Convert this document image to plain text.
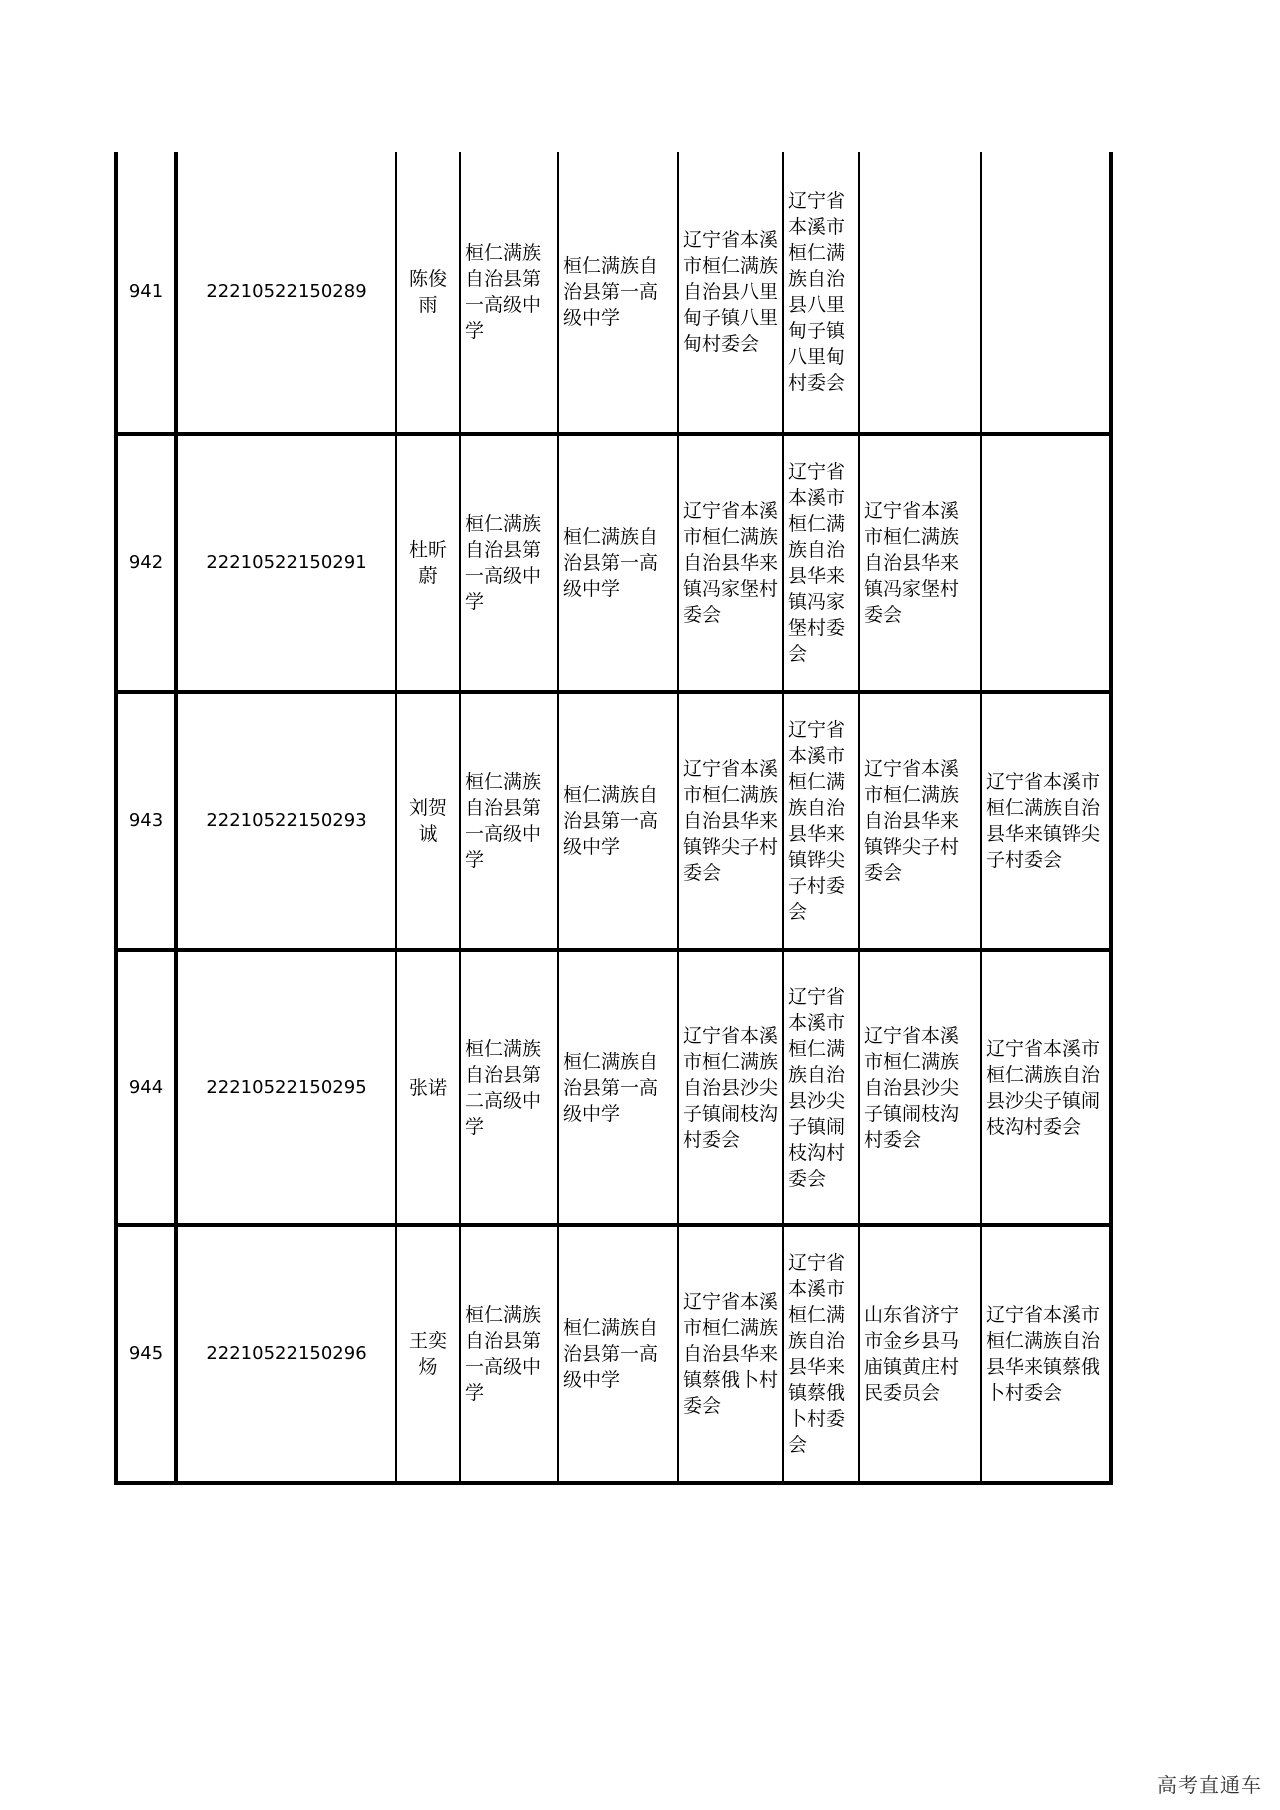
941	22210522150289	陈俊雨	桓仁满族自治县第一高级中学	桓仁满族自治县第一高级中学	辽宁省本溪市桓仁满族自治县八里甸子镇八里甸村委会	辽宁省本溪市桓仁满族自治县八里甸子镇八里甸村委会		
942	22210522150291	杜昕蔚	桓仁满族自治县第一高级中学	桓仁满族自治县第一高级中学	辽宁省本溪市桓仁满族自治县华来镇冯家堡村委会	辽宁省本溪市桓仁满族自治县华来镇冯家堡村委会	辽宁省本溪市桓仁满族自治县华来镇冯家堡村委会	
943	22210522150293	刘贺诚	桓仁满族自治县第一高级中学	桓仁满族自治县第一高级中学	辽宁省本溪市桓仁满族自治县华来镇铧尖子村委会	辽宁省本溪市桓仁满族自治县华来镇铧尖子村委会	辽宁省本溪市桓仁满族自治县华来镇铧尖子村委会	辽宁省本溪市桓仁满族自治县华来镇铧尖子村委会
944	22210522150295	张诺	桓仁满族自治县第二高级中学	桓仁满族自治县第一高级中学	辽宁省本溪市桓仁满族自治县沙尖子镇闹枝沟村委会	辽宁省本溪市桓仁满族自治县沙尖子镇闹枝沟村委会	辽宁省本溪市桓仁满族自治县沙尖子镇闹枝沟村委会	辽宁省本溪市桓仁满族自治县沙尖子镇闹枝沟村委会
945	22210522150296	王奕炀	桓仁满族自治县第一高级中学	桓仁满族自治县第一高级中学	辽宁省本溪市桓仁满族自治县华来镇蔡俄卜村委会	辽宁省本溪市桓仁满族自治县华来镇蔡俄卜村委会	山东省济宁市金乡县马庙镇黄庄村民委员会	辽宁省本溪市桓仁满族自治县华来镇蔡俄卜村委会
高考直通车
